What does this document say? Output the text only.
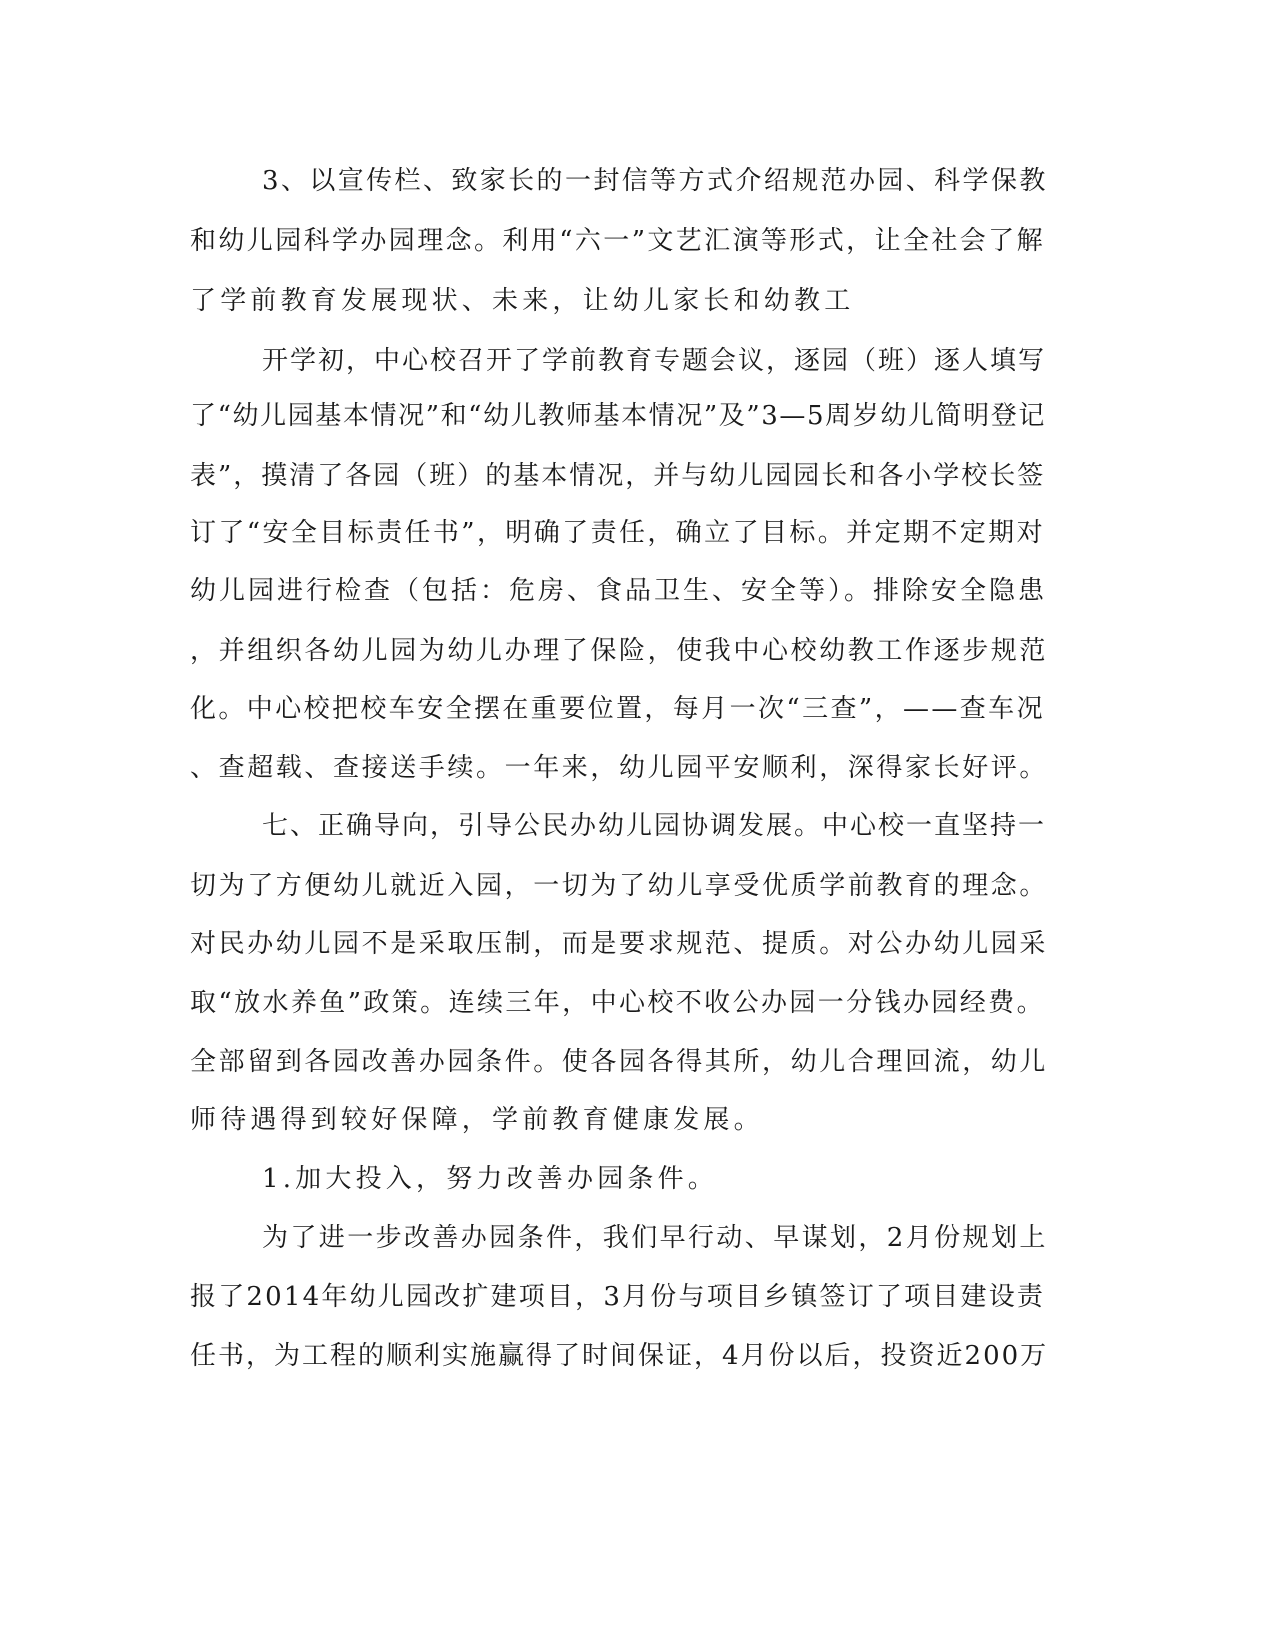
3、以宣传栏、致家长的一封信等方式介绍规范办园、科学保教
和幼儿园科学办园理念。利用“六一”文艺汇演等形式，让全社会了解
了学前教育发展现状、未来，让幼儿家长和幼教工
开学初，中心校召开了学前教育专题会议，逐园（班）逐人填写
了“幼儿园基本情况”和“幼儿教师基本情况”及”3—5周岁幼儿简明登记
表”，摸清了各园（班）的基本情况，并与幼儿园园长和各小学校长签
订了“安全目标责任书”，明确了责任，确立了目标。并定期不定期对
幼儿园进行检查（包括：危房、食品卫生、安全等）。排除安全隐患
，并组织各幼儿园为幼儿办理了保险，使我中心校幼教工作逐步规范
化。中心校把校车安全摆在重要位置，每月一次“三查”，——查车况
、查超载、查接送手续。一年来，幼儿园平安顺利，深得家长好评。
七、正确导向，引导公民办幼儿园协调发展。中心校一直坚持一
切为了方便幼儿就近入园，一切为了幼儿享受优质学前教育的理念。
对民办幼儿园不是采取压制，而是要求规范、提质。对公办幼儿园采
取“放水养鱼”政策。连续三年，中心校不收公办园一分钱办园经费。
全部留到各园改善办园条件。使各园各得其所，幼儿合理回流，幼儿
师待遇得到较好保障，学前教育健康发展。
1.加大投入，努力改善办园条件。
为了进一步改善办园条件，我们早行动、早谋划，2月份规划上
报了2014年幼儿园改扩建项目，3月份与项目乡镇签订了项目建设责
任书，为工程的顺利实施赢得了时间保证，4月份以后，投资近200万
